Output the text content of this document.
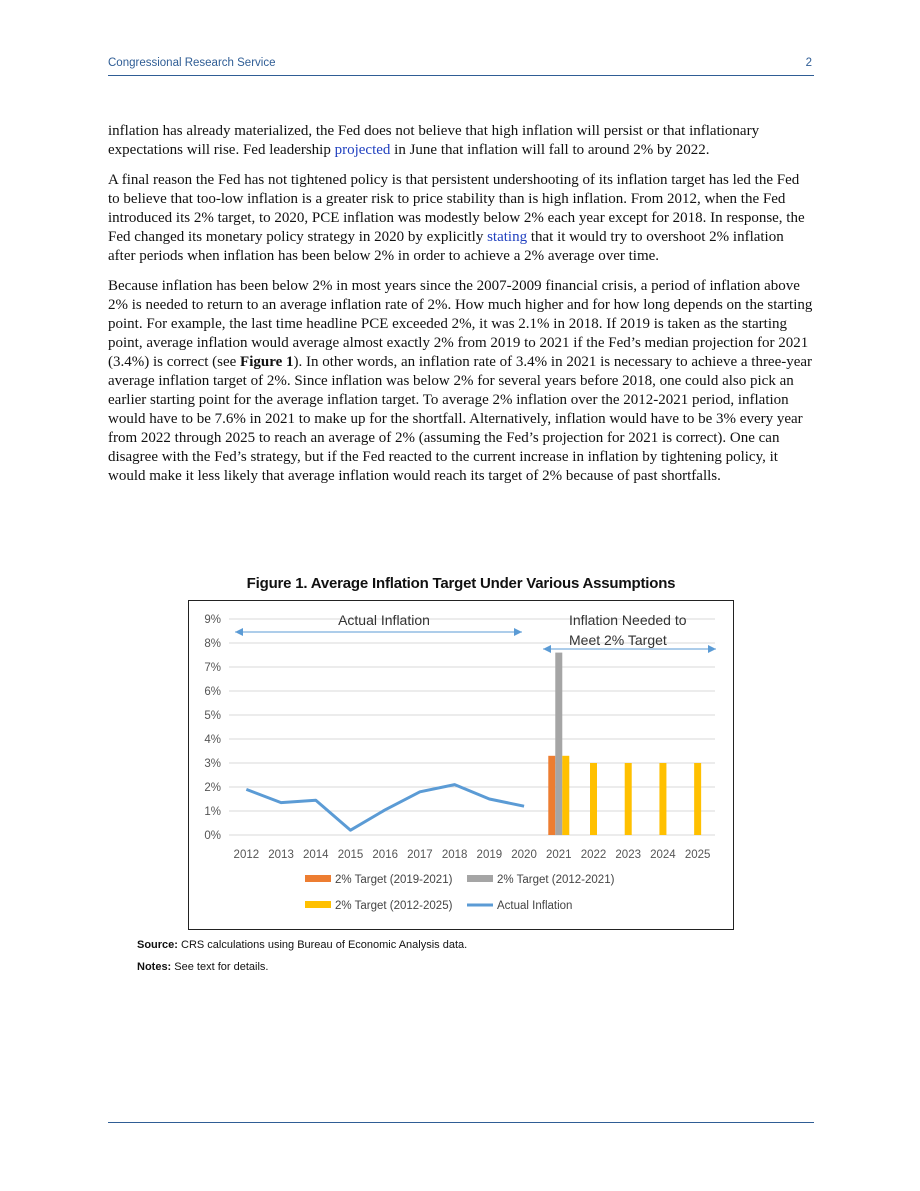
Congressional Research Service	2

inflation has already materialized, the Fed does not believe that high inflation will persist or that inflationary expectations will rise. Fed leadership projected in June that inflation will fall to around 2% by 2022.

A final reason the Fed has not tightened policy is that persistent undershooting of its inflation target has led the Fed to believe that too-low inflation is a greater risk to price stability than is high inflation. From 2012, when the Fed introduced its 2% target, to 2020, PCE inflation was modestly below 2% each year except for 2018. In response, the Fed changed its monetary policy strategy in 2020 by explicitly stating that it would try to overshoot 2% inflation after periods when inflation has been below 2% in order to achieve a 2% average over time.

Because inflation has been below 2% in most years since the 2007-2009 financial crisis, a period of inflation above 2% is needed to return to an average inflation rate of 2%. How much higher and for how long depends on the starting point. For example, the last time headline PCE exceeded 2%, it was 2.1% in 2018. If 2019 is taken as the starting point, average inflation would average almost exactly 2% from 2019 to 2021 if the Fed’s median projection for 2021 (3.4%) is correct (see Figure 1). In other words, an inflation rate of 3.4% in 2021 is necessary to achieve a three-year average inflation target of 2%. Since inflation was below 2% for several years before 2018, one could also pick an earlier starting point for the average inflation target. To average 2% inflation over the 2012-2021 period, inflation would have to be 7.6% in 2021 to make up for the shortfall. Alternatively, inflation would have to be 3% every year from 2022 through 2025 to reach an average of 2% (assuming the Fed’s projection for 2021 is correct). One can disagree with the Fed’s strategy, but if the Fed reacted to the current increase in inflation by tightening policy, it would make it less likely that average inflation would reach its target of 2% because of past shortfalls.

Figure 1. Average Inflation Target Under Various Assumptions
0%
1%
2%
3%
4%
5%
6%
7%
8%
9%
2012 2013 2014 2015 2016 2017 2018 2019 2020 2021 2022 2023 2024 2025
Actual Inflation	Inflation Needed to
Meet 2% Target
2% Target (2019-2021)	2% Target (2012-2021)
2% Target (2012-2025)	Actual Inflation
Source: CRS calculations using Bureau of Economic Analysis data.
Notes: See text for details.
